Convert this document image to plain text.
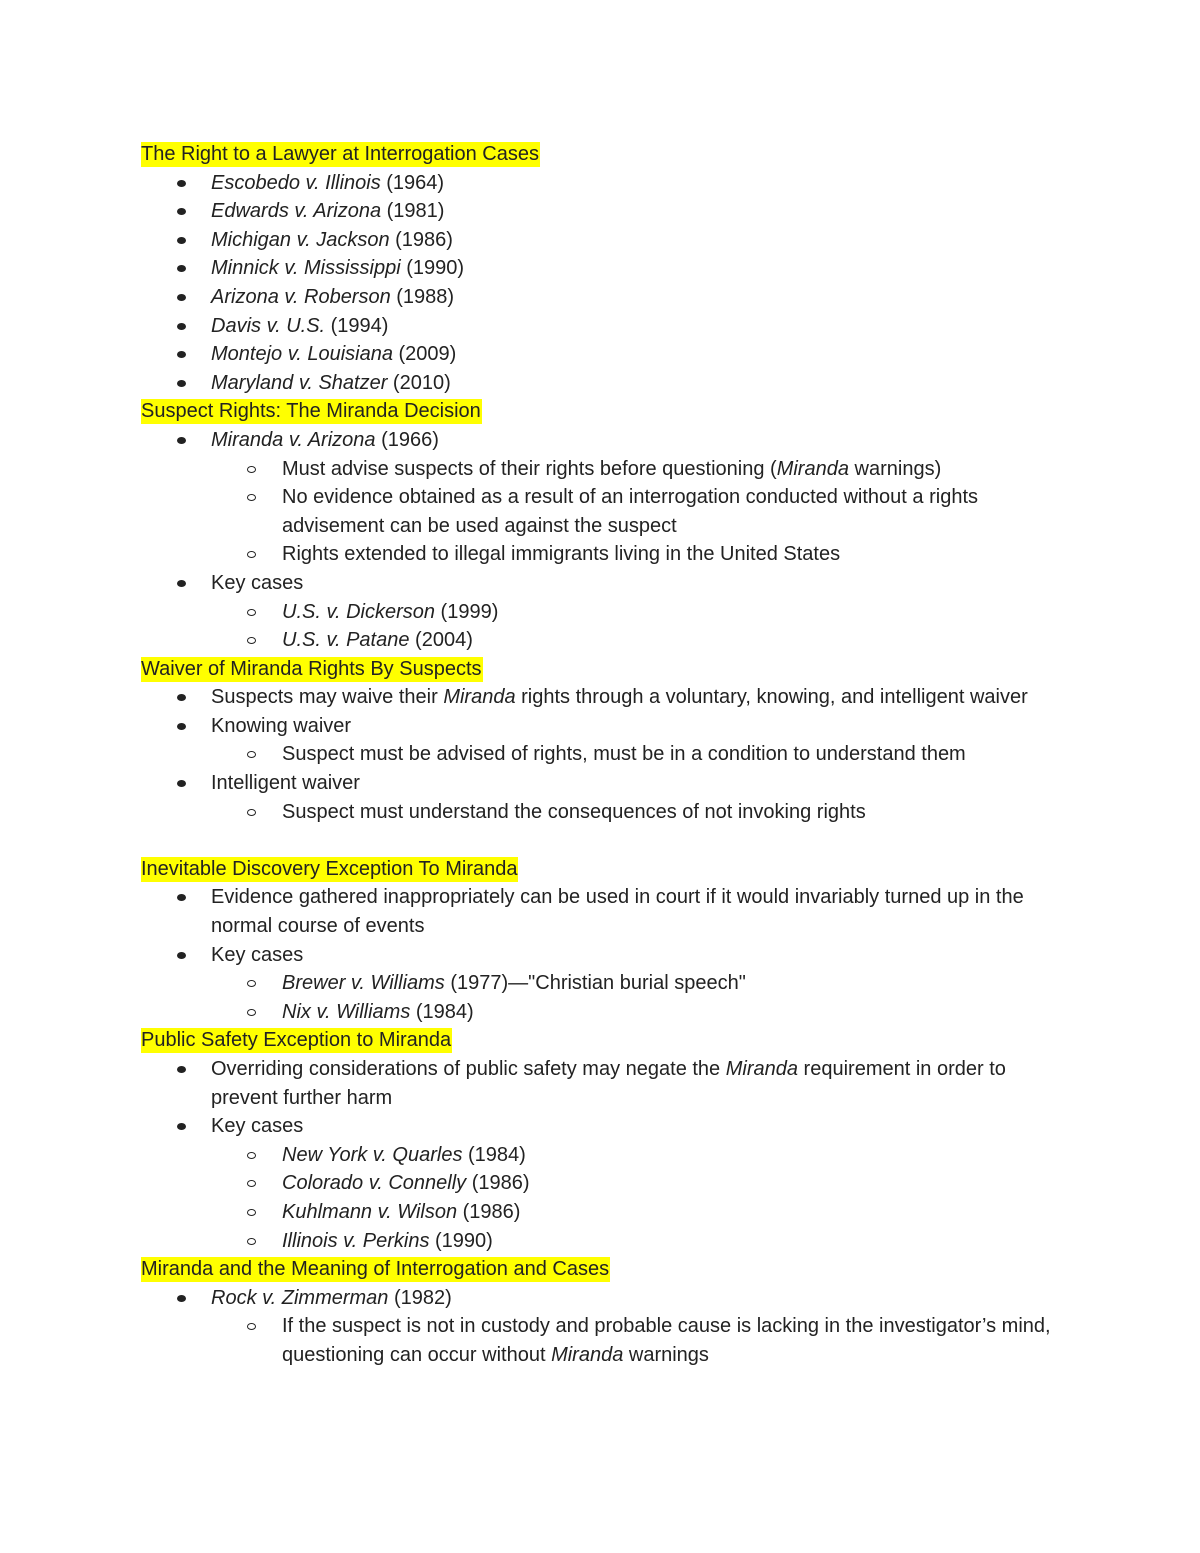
The Right to a Lawyer at Interrogation Cases
Escobedo v. Illinois (1964)
Edwards v. Arizona (1981)
Michigan v. Jackson (1986)
Minnick v. Mississippi (1990)
Arizona v. Roberson (1988)
Davis v. U.S. (1994)
Montejo v. Louisiana (2009)
Maryland v. Shatzer (2010)
Suspect Rights: The Miranda Decision
Miranda v. Arizona (1966)
Must advise suspects of their rights before questioning (Miranda warnings)
No evidence obtained as a result of an interrogation conducted without a rights advisement can be used against the suspect
Rights extended to illegal immigrants living in the United States
Key cases
U.S. v. Dickerson (1999)
U.S. v. Patane (2004)
Waiver of Miranda Rights By Suspects
Suspects may waive their Miranda rights through a voluntary, knowing, and intelligent waiver
Knowing waiver
Suspect must be advised of rights, must be in a condition to understand them
Intelligent waiver
Suspect must understand the consequences of not invoking rights
Inevitable Discovery Exception To Miranda
Evidence gathered inappropriately can be used in court if it would invariably turned up in the normal course of events
Key cases
Brewer v. Williams (1977)—"Christian burial speech"
Nix v. Williams (1984)
Public Safety Exception to Miranda
Overriding considerations of public safety may negate the Miranda requirement in order to prevent further harm
Key cases
New York v. Quarles (1984)
Colorado v. Connelly (1986)
Kuhlmann v. Wilson (1986)
Illinois v. Perkins (1990)
Miranda and the Meaning of Interrogation and Cases
Rock v. Zimmerman (1982)
If the suspect is not in custody and probable cause is lacking in the investigator’s mind, questioning can occur without Miranda warnings
